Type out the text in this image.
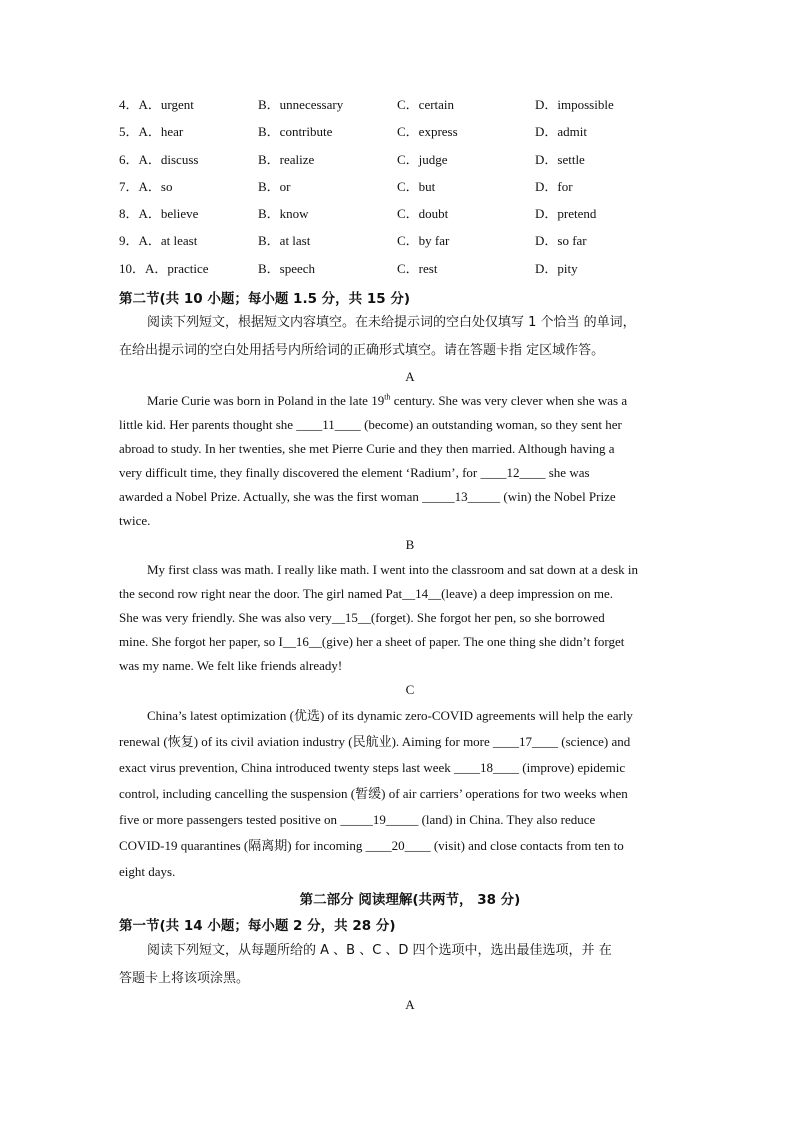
4．A．urgent	B．unnecessary	C．certain	D．impossible
5．A．hear	B．contribute	C．express	D．admit
6．A．discuss	B．realize	C．judge	D．settle
7．A．so	B．or	C．but	D．for
8．A．believe	B．know	C．doubt	D．pretend
9．A．at least	B．at last	C．by far	D．so far
10．A．practice	B．speech	C．rest	D．pity
第二节(共 10 小题；每小题 1.5 分，共 15 分)
阅读下列短文，根据短文内容填空。在未给提示词的空白处仅填写 1 个恰当 的单词，
在给出提示词的空白处用括号内所给词的正确形式填空。请在答题卡指 定区域作答。
A
Marie Curie was born in Poland in the late 19th century. She was very clever when she was a
little kid. Her parents thought she ____11____ (become) an outstanding woman, so they sent her
abroad to study. In her twenties, she met Pierre Curie and they then married. Although having a
very difficult time, they finally discovered the element ‘Radium’, for ____12____ she was
awarded a Nobel Prize. Actually, she was the first woman _____13_____ (win) the Nobel Prize
twice.
B
My first class was math. I really like math. I went into the classroom and sat down at a desk in
the second row right near the door. The girl named Pat__14__(leave) a deep impression on me.
She was very friendly. She was also very__15__(forget). She forgot her pen, so she borrowed
mine. She forgot her paper, so I__16__(give) her a sheet of paper. The one thing she didn’t forget
was my name. We felt like friends already!
C
China’s latest optimization (优选) of its dynamic zero-COVID agreements will help the early
renewal (恢复) of its civil aviation industry (民航业). Aiming for more ____17____ (science) and
exact virus prevention, China introduced twenty steps last week ____18____ (improve) epidemic
control, including cancelling the suspension (暂缓) of air carriers’ operations for two weeks when
five or more passengers tested positive on _____19_____ (land) in China. They also reduce
COVID-19 quarantines (隔离期) for incoming ____20____ (visit) and close contacts from ten to
eight days.
第二部分 阅读理解(共两节， 38 分)
第一节(共 14 小题；每小题 2 分，共 28 分)
阅读下列短文，从每题所给的 A 、B 、C 、D 四个选项中，选出最佳选项，并 在
答题卡上将该项涂黑。
A
